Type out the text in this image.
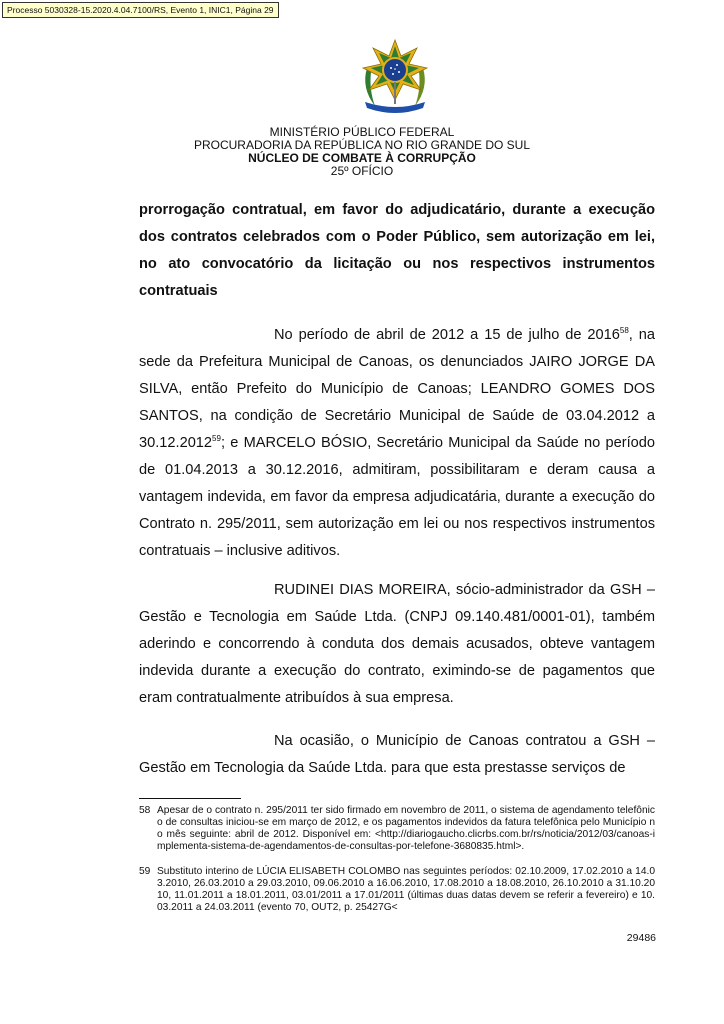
Processo 5030328-15.2020.4.04.7100/RS, Evento 1, INIC1, Página 29
MINISTÉRIO PÚBLICO FEDERAL
PROCURADORIA DA REPÚBLICA NO RIO GRANDE DO SUL
NÚCLEO DE COMBATE À CORRUPÇÃO
25º OFÍCIO

prorrogação contratual, em favor do adjudicatário, durante a execução dos contratos celebrados com o Poder Público, sem autorização em lei, no ato convocatório da licitação ou nos respectivos instrumentos contratuais

No período de abril de 2012 a 15 de julho de 2016$^{58}$, na sede da Prefeitura Municipal de Canoas, os denunciados JAIRO JORGE DA SILVA, então Prefeito do Município de Canoas; LEANDRO GOMES DOS SANTOS, na condição de Secretário Municipal de Saúde de 03.04.2012 a 30.12.2012$^{59}$; e MARCELO BÓSIO, Secretário Municipal da Saúde no período de 01.04.2013 a 30.12.2016, admitiram, possibilitaram e deram causa a vantagem indevida, em favor da empresa adjudicatária, durante a execução do Contrato n. 295/2011, sem autorização em lei ou nos respectivos instrumentos contratuais – inclusive aditivos.

RUDINEI DIAS MOREIRA, sócio-administrador da GSH – Gestão e Tecnologia em Saúde Ltda. (CNPJ 09.140.481/0001-01), também aderindo e concorrendo à conduta dos demais acusados, obteve vantagem indevida durante a execução do contrato, eximindo-se de pagamentos que eram contratualmente atribuídos à sua empresa.

Na ocasião, o Município de Canoas contratou a GSH – Gestão em Tecnologia da Saúde Ltda. para que esta prestasse serviços de

58 Apesar de o contrato n. 295/2011 ter sido firmado em novembro de 2011, o sistema de agendamento telefônico de consultas iniciou-se em março de 2012, e os pagamentos indevidos da fatura telefônica pelo Município no mês seguinte: abril de 2012. Disponível em: <http://diariogaucho.clicrbs.com.br/rs/noticia/2012/03/canoas-implementa-sistema-de-agendamentos-de-consultas-por-telefone-3680835.html>.
59 Substituto interino de LÚCIA ELISABETH COLOMBO nas seguintes períodos: 02.10.2009, 17.02.2010 a 14.03.2010, 26.03.2010 a 29.03.2010, 09.06.2010 a 16.06.2010, 17.08.2010 a 18.08.2010, 26.10.2010 a 31.10.2010, 11.01.2011 a 18.01.2011, 03.01/2011 a 17.01/2011 (últimas duas datas devem se referir a fevereiro) e 10.03.2011 a 24.03.2011 (evento 70, OUT2, p. 25427G<
29486
